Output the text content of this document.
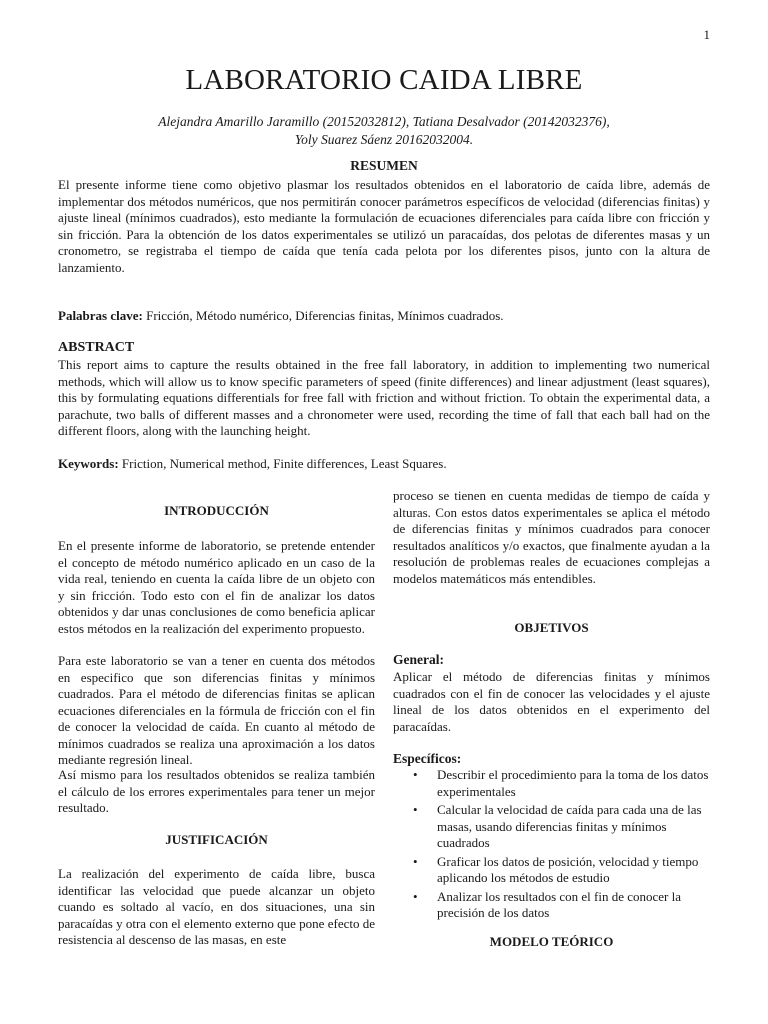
1
LABORATORIO CAIDA LIBRE
Alejandra Amarillo Jaramillo (20152032812), Tatiana Desalvador (20142032376),
Yoly Suarez Sáenz 20162032004.
RESUMEN
El presente informe tiene como objetivo plasmar los resultados obtenidos en el laboratorio de caída libre, además de implementar dos métodos numéricos, que nos permitirán conocer parámetros específicos de velocidad (diferencias finitas) y ajuste lineal (mínimos cuadrados), esto mediante la formulación de ecuaciones diferenciales para caída libre con fricción y sin fricción. Para la obtención de los datos experimentales se utilizó un paracaídas, dos pelotas de diferentes masas y un cronometro, se registraba el tiempo de caída que tenía cada pelota por los diferentes pisos, junto con la altura de lanzamiento.
Palabras clave: Fricción, Método numérico, Diferencias finitas, Mínimos cuadrados.
ABSTRACT
This report aims to capture the results obtained in the free fall laboratory, in addition to implementing two numerical methods, which will allow us to know specific parameters of speed (finite differences) and linear adjustment (least squares), this by formulating equations differentials for free fall with friction and without friction. To obtain the experimental data, a parachute, two balls of different masses and a chronometer were used, recording the time of fall that each ball had on the different floors, along with the launching height.
Keywords: Friction, Numerical method, Finite differences, Least Squares.
INTRODUCCIÓN
En el presente informe de laboratorio, se pretende entender el concepto de método numérico aplicado en un caso de la vida real, teniendo en cuenta la caída libre de un objeto con y sin fricción. Todo esto con el fin de analizar los datos obtenidos y dar unas conclusiones de como beneficia aplicar estos métodos en la realización del experimento propuesto.
Para este laboratorio se van a tener en cuenta dos métodos en especifico que son diferencias finitas y mínimos cuadrados. Para el método de diferencias finitas se aplican ecuaciones diferenciales en la fórmula de fricción con el fin de conocer la velocidad de caída. En cuanto al método de mínimos cuadrados se realiza una aproximación a los datos mediante regresión lineal.
Así mismo para los resultados obtenidos se realiza también el cálculo de los errores experimentales para tener un mejor resultado.
JUSTIFICACIÓN
La realización del experimento de caída libre, busca identificar las velocidad que puede alcanzar un objeto cuando es soltado al vacío, en dos situaciones, una sin paracaídas y otra con el elemento externo que pone efecto de resistencia al descenso de las masas, en este
proceso se tienen en cuenta medidas de tiempo de caída y alturas. Con estos datos experimentales se aplica el método de diferencias finitas y mínimos cuadrados para conocer resultados analíticos y/o exactos, que finalmente ayudan a la resolución de problemas reales de ecuaciones complejas a modelos matemáticos más entendibles.
OBJETIVOS
General:
Aplicar el método de diferencias finitas y mínimos cuadrados con el fin de conocer las velocidades y el ajuste lineal de los datos obtenidos en el experimento del paracaídas.
Específicos:
• Describir el procedimiento para la toma de los datos experimentales
• Calcular la velocidad de caída para cada una de las masas, usando diferencias finitas y mínimos cuadrados
• Graficar los datos de posición, velocidad y tiempo aplicando los métodos de estudio
• Analizar los resultados con el fin de conocer la precisión de los datos
MODELO TEÓRICO
